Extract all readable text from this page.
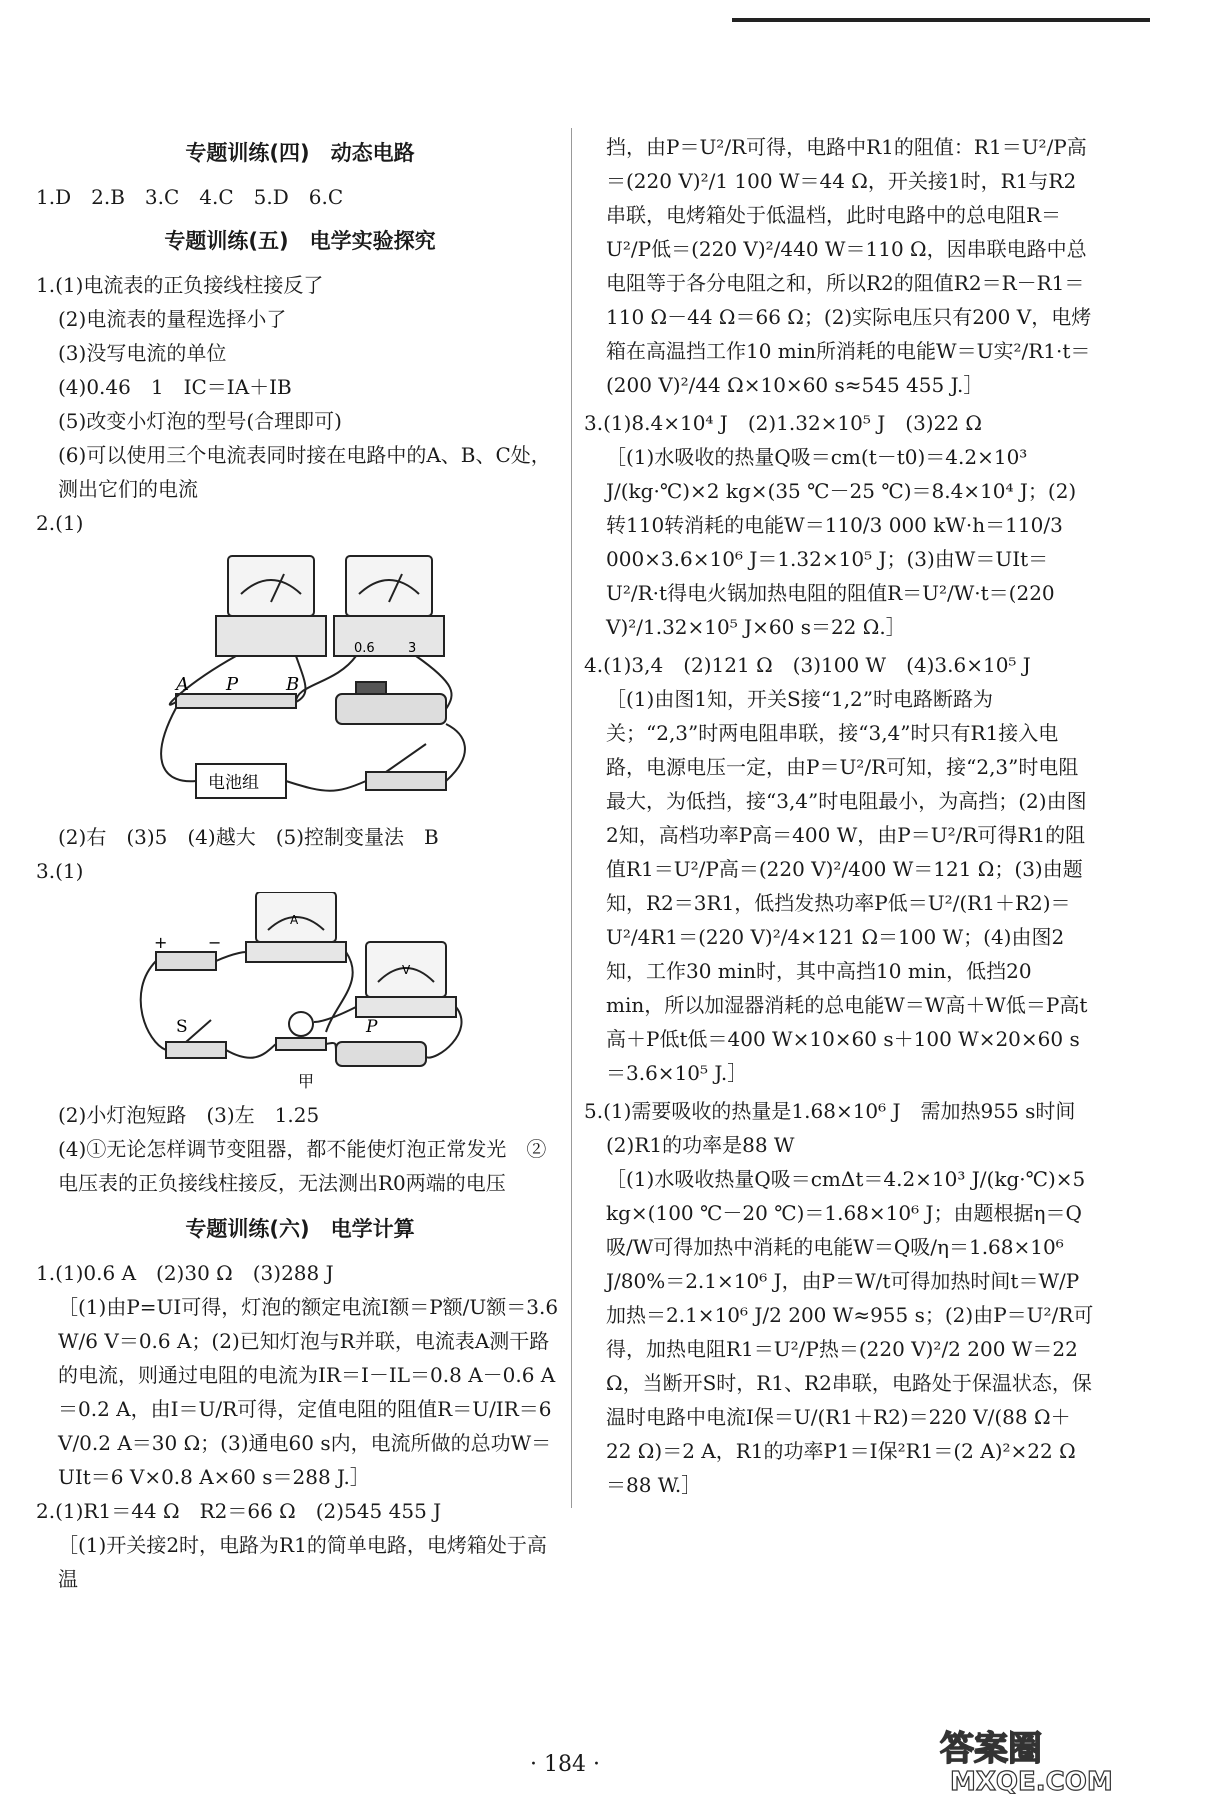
专题训练(四)　动态电路

1.D　2.B　3.C　4.C　5.D　6.C

专题训练(五)　电学实验探究

1.(1)电流表的正负接线柱接反了

(2)电流表的量程选择小了

(3)没写电流的单位

(4)0.46　1　IC＝IA＋IB

(5)改变小灯泡的型号(合理即可)

(6)可以使用三个电流表同时接在电路中的A、B、C处，测出它们的电流

2.(1)

A P	B
电池组
0.6	3

(2)右　(3)5　(4)越大　(5)控制变量法　B

3.(1)

+	−
A
V
S	P
甲

(2)小灯泡短路　(3)左　1.25

(4)①无论怎样调节变阻器，都不能使灯泡正常发光　②电压表的正负接线柱接反，无法测出R0两端的电压

专题训练(六)　电学计算

1.(1)0.6 A　(2)30 Ω　(3)288 J

［(1)由P=UI可得，灯泡的额定电流I额＝P额/U额＝3.6 W/6 V＝0.6 A；(2)已知灯泡与R并联，电流表A测干路的电流，则通过电阻的电流为IR＝I－IL＝0.8 A－0.6 A＝0.2 A，由I＝U/R可得，定值电阻的阻值R＝U/IR＝6 V/0.2 A＝30 Ω；(3)通电60 s内，电流所做的总功W＝UIt＝6 V×0.8 A×60 s＝288 J.］

2.(1)R1＝44 Ω　R2＝66 Ω　(2)545 455 J

［(1)开关接2时，电路为R1的简单电路，电烤箱处于高温

挡，由P＝U²/R可得，电路中R1的阻值：R1＝U²/P高＝(220 V)²/1 100 W＝44 Ω，开关接1时，R1与R2串联，电烤箱处于低温档，此时电路中的总电阻R＝U²/P低＝(220 V)²/440 W＝110 Ω，因串联电路中总电阻等于各分电阻之和，所以R2的阻值R2＝R－R1＝110 Ω－44 Ω＝66 Ω；(2)实际电压只有200 V，电烤箱在高温挡工作10 min所消耗的电能W＝U实²/R1·t＝(200 V)²/44 Ω×10×60 s≈545 455 J.］

3.(1)8.4×10⁴ J　(2)1.32×10⁵ J　(3)22 Ω

［(1)水吸收的热量Q吸＝cm(t－t0)＝4.2×10³ J/(kg·℃)×2 kg×(35 ℃－25 ℃)＝8.4×10⁴ J；(2)转110转消耗的电能W＝110/3 000 kW·h＝110/3 000×3.6×10⁶ J＝1.32×10⁵ J；(3)由W＝UIt＝U²/R·t得电火锅加热电阻的阻值R＝U²/W·t＝(220 V)²/1.32×10⁵ J×60 s＝22 Ω.］

4.(1)3,4　(2)121 Ω　(3)100 W　(4)3.6×10⁵ J

［(1)由图1知，开关S接“1,2”时电路断路为关；“2,3”时两电阻串联，接“3,4”时只有R1接入电路，电源电压一定，由P＝U²/R可知，接“2,3”时电阻最大，为低挡，接“3,4”时电阻最小，为高挡；(2)由图2知，高档功率P高＝400 W，由P＝U²/R可得R1的阻值R1＝U²/P高＝(220 V)²/400 W＝121 Ω；(3)由题知，R2＝3R1，低挡发热功率P低＝U²/(R1＋R2)＝U²/4R1＝(220 V)²/4×121 Ω＝100 W；(4)由图2知，工作30 min时，其中高挡10 min，低挡20 min，所以加湿器消耗的总电能W＝W高＋W低＝P高t高＋P低t低＝400 W×10×60 s＋100 W×20×60 s＝3.6×10⁵ J.］

5.(1)需要吸收的热量是1.68×10⁶ J　需加热955 s时间

(2)R1的功率是88 W

［(1)水吸收热量Q吸＝cmΔt＝4.2×10³ J/(kg·℃)×5 kg×(100 ℃－20 ℃)＝1.68×10⁶ J；由题根据η＝Q吸/W可得加热中消耗的电能W＝Q吸/η＝1.68×10⁶ J/80%＝2.1×10⁶ J，由P＝W/t可得加热时间t＝W/P加热＝2.1×10⁶ J/2 200 W≈955 s；(2)由P＝U²/R可得，加热电阻R1＝U²/P热＝(220 V)²/2 200 W＝22 Ω，当断开S时，R1、R2串联，电路处于保温状态，保温时电路中电流I保＝U/(R1＋R2)＝220 V/(88 Ω＋22 Ω)＝2 A，R1的功率P1＝I保²R1＝(2 A)²×22 Ω＝88 W.］

· 184 ·	答案圈
MXQE.COM
